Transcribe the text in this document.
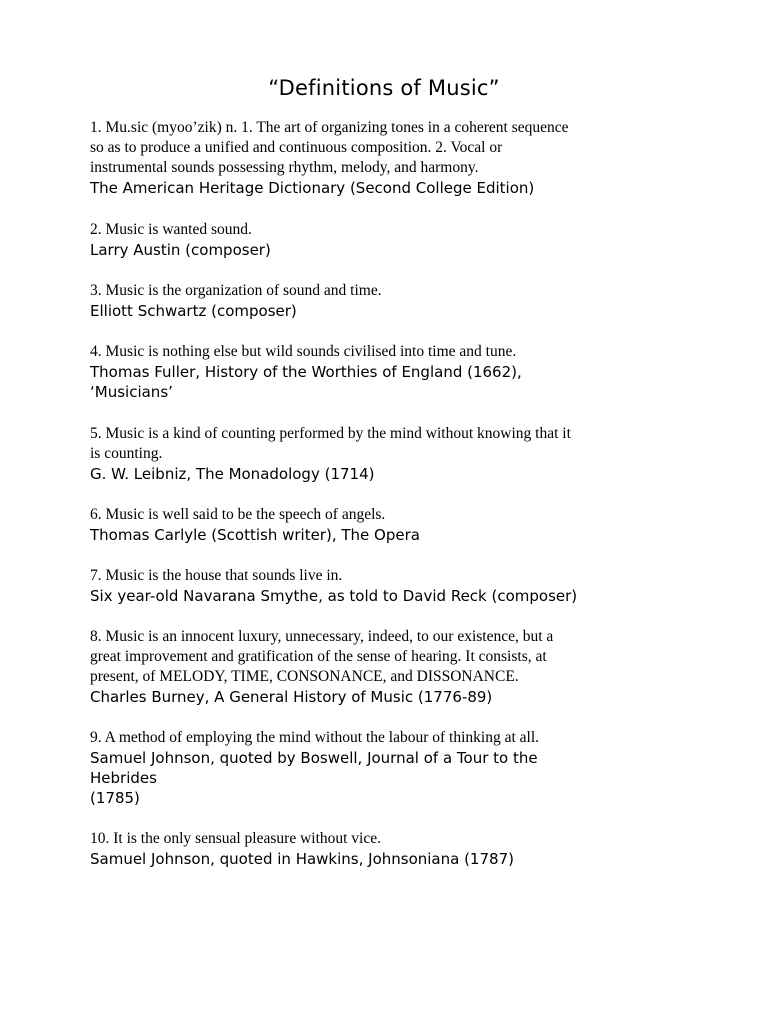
“Definitions of Music”
1. Mu.sic (myoo’zik) n. 1. The art of organizing tones in a coherent sequence
so as to produce a unified and continuous composition. 2. Vocal or
instrumental sounds possessing rhythm, melody, and harmony.
The American Heritage Dictionary (Second College Edition)
2. Music is wanted sound.
Larry Austin (composer)
3. Music is the organization of sound and time.
Elliott Schwartz (composer)
4. Music is nothing else but wild sounds civilised into time and tune.
Thomas Fuller, History of the Worthies of England (1662),
‘Musicians’
5. Music is a kind of counting performed by the mind without knowing that it
is counting.
G. W. Leibniz, The Monadology (1714)
6. Music is well said to be the speech of angels.
Thomas Carlyle (Scottish writer), The Opera
7. Music is the house that sounds live in.
Six year-old Navarana Smythe, as told to David Reck (composer)
8. Music is an innocent luxury, unnecessary, indeed, to our existence, but a
great improvement and gratification of the sense of hearing. It consists, at
present, of MELODY, TIME, CONSONANCE, and DISSONANCE.
Charles Burney, A General History of Music (1776-89)
9. A method of employing the mind without the labour of thinking at all.
Samuel Johnson, quoted by Boswell, Journal of a Tour to the
Hebrides
(1785)
10. It is the only sensual pleasure without vice.
Samuel Johnson, quoted in Hawkins, Johnsoniana (1787)
